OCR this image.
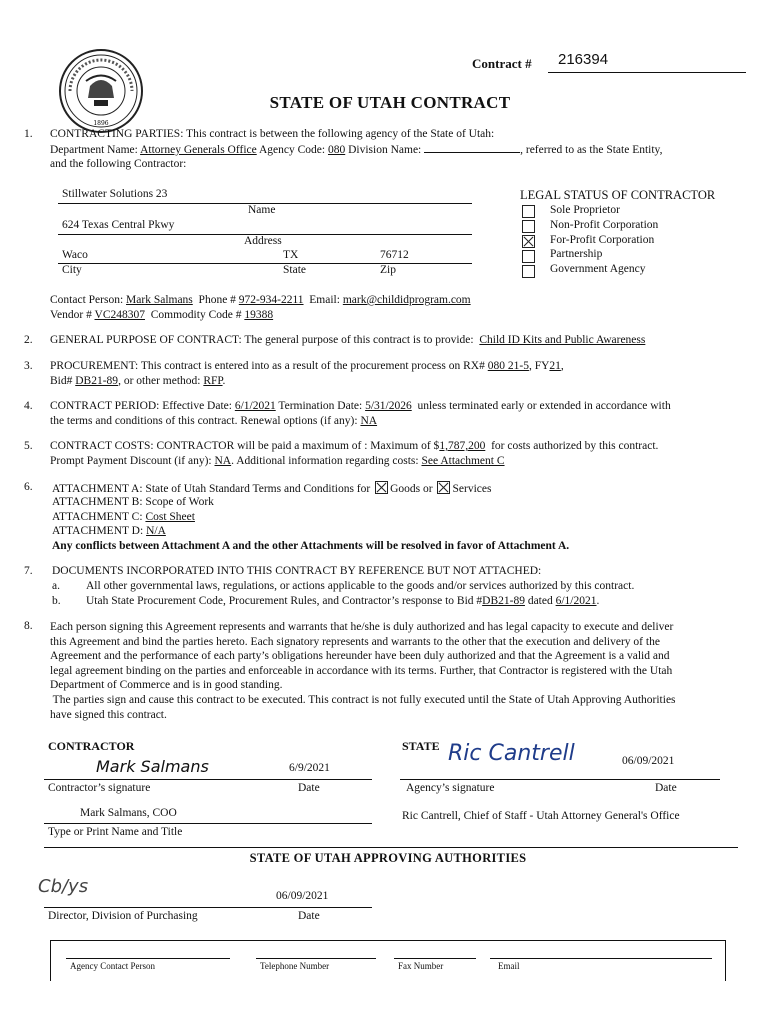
1896
Contract # 216394
STATE OF UTAH CONTRACT
1. CONTRACTING PARTIES: This contract is between the following agency of the State of Utah:
Department Name: Attorney Generals Office Agency Code: 080 Division Name:	, referred to as the State Entity,
and the following Contractor:
Stillwater Solutions 23
Name
624 Texas Central Pkwy
Address
Waco	TX	76712
City	State	Zip
LEGAL STATUS OF CONTRACTOR
Sole Proprietor
Non-Profit Corporation
For-Profit Corporation
Partnership
Government Agency
Contact Person: Mark Salmans Phone # 972-934-2211 Email: mark@childidprogram.com
Vendor # VC248307 Commodity Code # 19388
2. GENERAL PURPOSE OF CONTRACT: The general purpose of this contract is to provide: Child ID Kits and Public Awareness
3. PROCUREMENT: This contract is entered into as a result of the procurement process on RX# 080 21-5, FY21,
Bid# DB21-89, or other method: RFP.
4. CONTRACT PERIOD: Effective Date: 6/1/2021 Termination Date: 5/31/2026 unless terminated early or extended in accordance with
the terms and conditions of this contract. Renewal options (if any): NA
5. CONTRACT COSTS: CONTRACTOR will be paid a maximum of : Maximum of $1,787,200 for costs authorized by this contract.
Prompt Payment Discount (if any): NA. Additional information regarding costs: See Attachment C
6. ATTACHMENT A: State of Utah Standard Terms and Conditions for Goods or Services
ATTACHMENT B: Scope of Work
ATTACHMENT C: Cost Sheet
ATTACHMENT D: N/A
Any conflicts between Attachment A and the other Attachments will be resolved in favor of Attachment A.
7. DOCUMENTS INCORPORATED INTO THIS CONTRACT BY REFERENCE BUT NOT ATTACHED:
a. All other governmental laws, regulations, or actions applicable to the goods and/or services authorized by this contract.
b. Utah State Procurement Code, Procurement Rules, and Contractor’s response to Bid #DB21-89 dated 6/1/2021.
8. Each person signing this Agreement represents and warrants that he/she is duly authorized and has legal capacity to execute and deliver
this Agreement and bind the parties hereto. Each signatory represents and warrants to the other that the execution and delivery of the
Agreement and the performance of each party’s obligations hereunder have been duly authorized and that the Agreement is a valid and
legal agreement binding on the parties and enforceable in accordance with its terms. Further, that Contractor is registered with the Utah
Department of Commerce and is in good standing.
The parties sign and cause this contract to be executed. This contract is not fully executed until the State of Utah Approving Authorities
have signed this contract.
CONTRACTOR
Mark Salmans	6/9/2021
Contractor’s signature	Date
Mark Salmans, COO
Type or Print Name and Title
STATE Ric Cantrell	06/09/2021
Agency’s signature	Date
Ric Cantrell, Chief of Staff - Utah Attorney General's Office
STATE OF UTAH APPROVING AUTHORITIES
Cb/ys	06/09/2021
Director, Division of Purchasing	Date
Agency Contact Person	Telephone Number	Fax Number	Email
